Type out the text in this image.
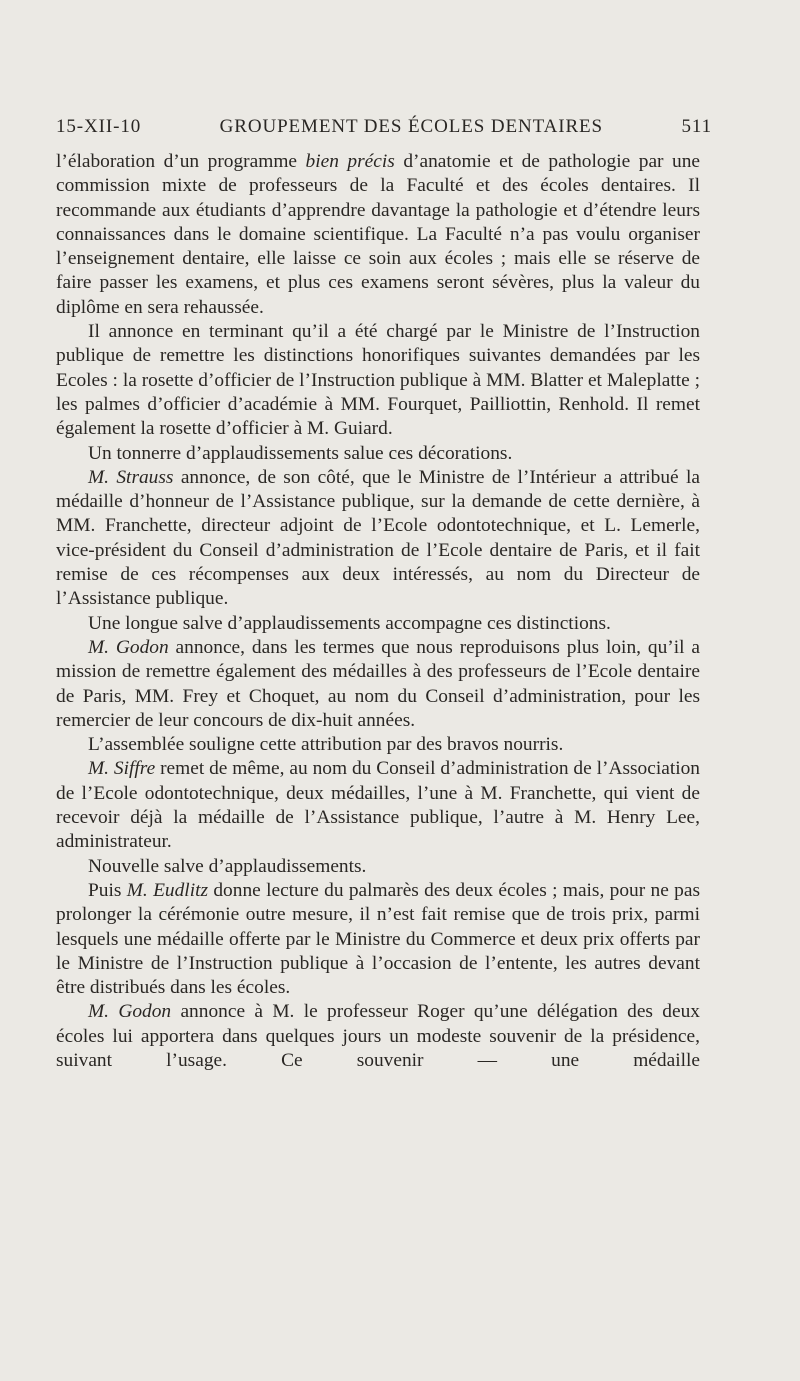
15-XII-10	GROUPEMENT DES ÉCOLES DENTAIRES	511

l’élaboration d’un programme bien précis d’anatomie et de pathologie par une commission mixte de professeurs de la Faculté et des écoles dentaires. Il recommande aux étudiants d’apprendre davantage la pathologie et d’étendre leurs connaissances dans le domaine scientifique. La Faculté n’a pas voulu organiser l’enseignement dentaire, elle laisse ce soin aux écoles ; mais elle se réserve de faire passer les examens, et plus ces examens seront sévères, plus la valeur du diplôme en sera rehaussée.

Il annonce en terminant qu’il a été chargé par le Ministre de l’Instruction publique de remettre les distinctions honorifiques suivantes demandées par les Ecoles : la rosette d’officier de l’Instruction publique à MM. Blatter et Maleplatte ; les palmes d’officier d’académie à MM. Fourquet, Pailliottin, Renhold. Il remet également la rosette d’officier à M. Guiard.

Un tonnerre d’applaudissements salue ces décorations.

M. Strauss annonce, de son côté, que le Ministre de l’Intérieur a attribué la médaille d’honneur de l’Assistance publique, sur la demande de cette dernière, à MM. Franchette, directeur adjoint de l’Ecole odontotechnique, et L. Lemerle, vice-président du Conseil d’administration de l’Ecole dentaire de Paris, et il fait remise de ces récompenses aux deux intéressés, au nom du Directeur de l’Assistance publique.

Une longue salve d’applaudissements accompagne ces distinctions.

M. Godon annonce, dans les termes que nous reproduisons plus loin, qu’il a mission de remettre également des médailles à des professeurs de l’Ecole dentaire de Paris, MM. Frey et Choquet, au nom du Conseil d’administration, pour les remercier de leur concours de dix-huit années.

L’assemblée souligne cette attribution par des bravos nourris.

M. Siffre remet de même, au nom du Conseil d’administration de l’Association de l’Ecole odontotechnique, deux médailles, l’une à M. Franchette, qui vient de recevoir déjà la médaille de l’Assistance publique, l’autre à M. Henry Lee, administrateur.

Nouvelle salve d’applaudissements.

Puis M. Eudlitz donne lecture du palmarès des deux écoles ; mais, pour ne pas prolonger la cérémonie outre mesure, il n’est fait remise que de trois prix, parmi lesquels une médaille offerte par le Ministre du Commerce et deux prix offerts par le Ministre de l’Instruction publique à l’occasion de l’entente, les autres devant être distribués dans les écoles.

M. Godon annonce à M. le professeur Roger qu’une délégation des deux écoles lui apportera dans quelques jours un modeste souvenir de la présidence, suivant l’usage. Ce souvenir — une médaille
